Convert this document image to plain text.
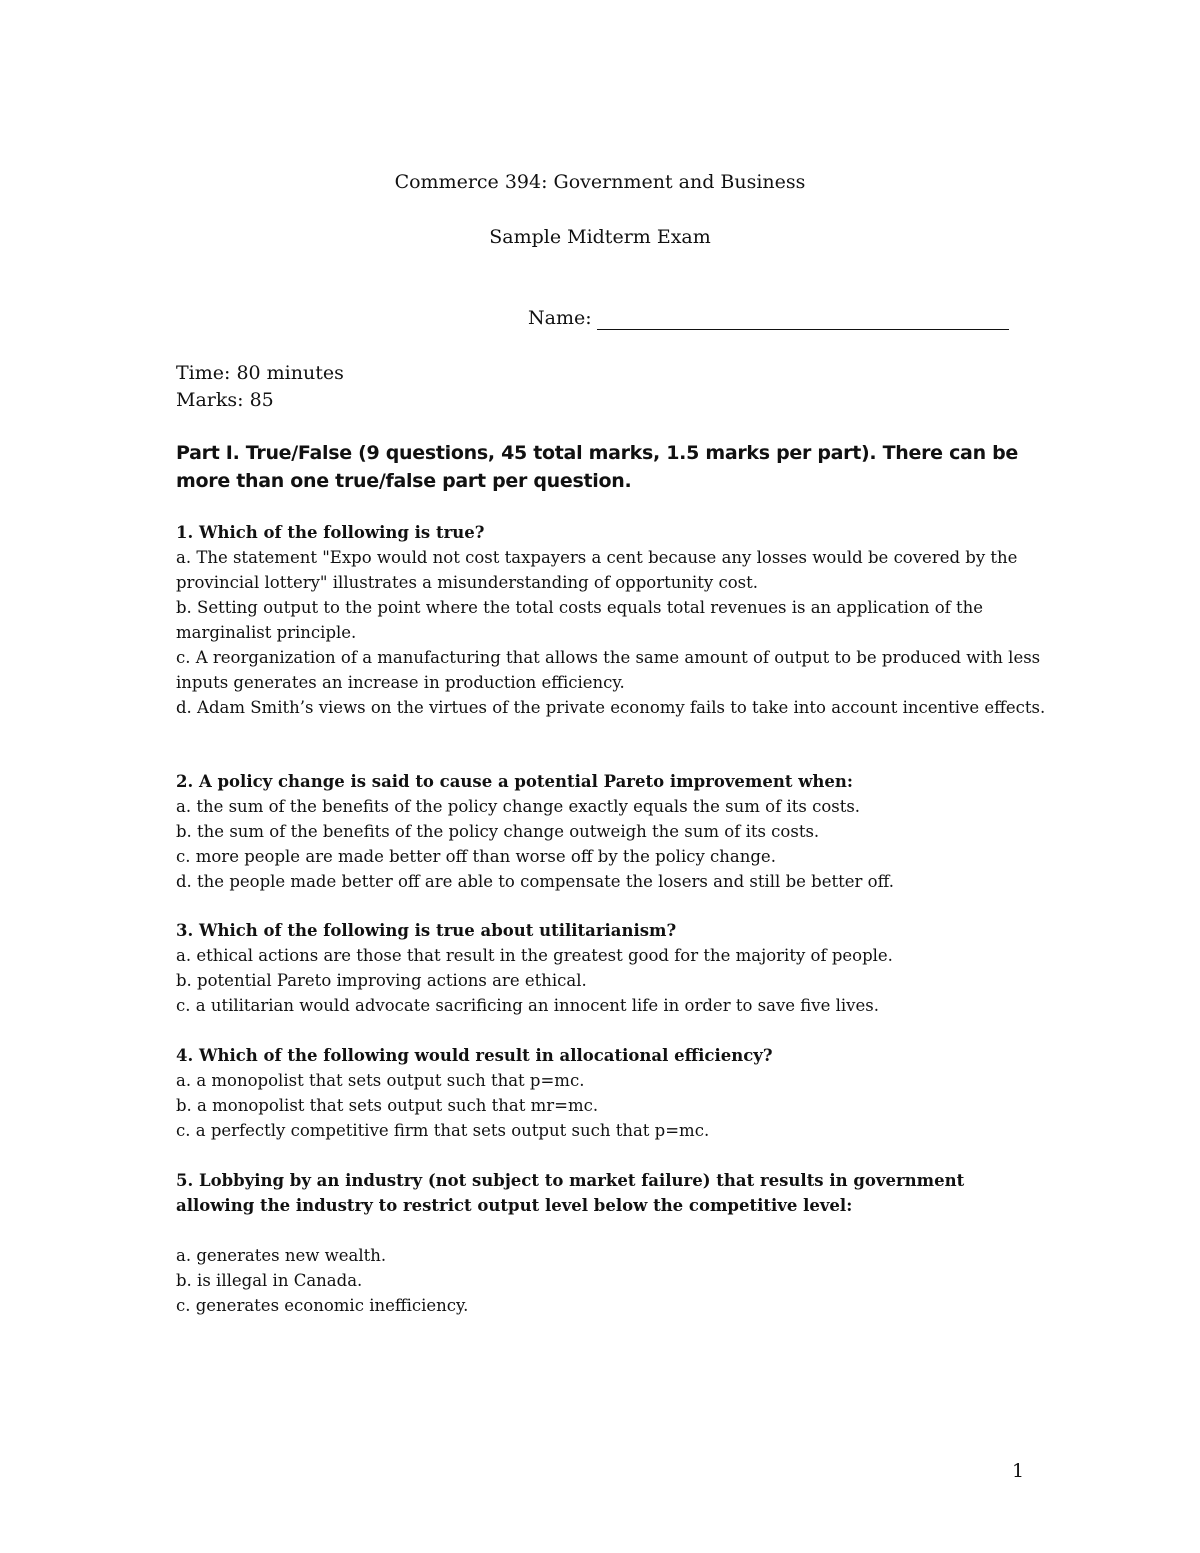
Commerce 394: Government and Business
Sample Midterm Exam
Name:
Time: 80 minutes
Marks: 85
Part I. True/False (9 questions, 45 total marks, 1.5 marks per part). There can be more than one true/false part per question.

1. Which of the following is true?

a. The statement "Expo would not cost taxpayers a cent because any losses would be covered by the provincial lottery" illustrates a misunderstanding of opportunity cost.

b. Setting output to the point where the total costs equals total revenues is an application of the marginalist principle.

c. A reorganization of a manufacturing that allows the same amount of output to be produced with less inputs generates an increase in production efficiency.

d. Adam Smith’s views on the virtues of the private economy fails to take into account incentive effects.

2. A policy change is said to cause a potential Pareto improvement when:

a. the sum of the benefits of the policy change exactly equals the sum of its costs.

b. the sum of the benefits of the policy change outweigh the sum of its costs.

c. more people are made better off than worse off by the policy change.

d. the people made better off are able to compensate the losers and still be better off.

3. Which of the following is true about utilitarianism?

a. ethical actions are those that result in the greatest good for the majority of people.

b. potential Pareto improving actions are ethical.

c. a utilitarian would advocate sacrificing an innocent life in order to save five lives.

4. Which of the following would result in allocational efficiency?

a. a monopolist that sets output such that p=mc.

b. a monopolist that sets output such that mr=mc.

c. a perfectly competitive firm that sets output such that p=mc.

5. Lobbying by an industry (not subject to market failure) that results in government allowing the industry to restrict output level below the competitive level:

a. generates new wealth.

b. is illegal in Canada.

c. generates economic inefficiency.

1
